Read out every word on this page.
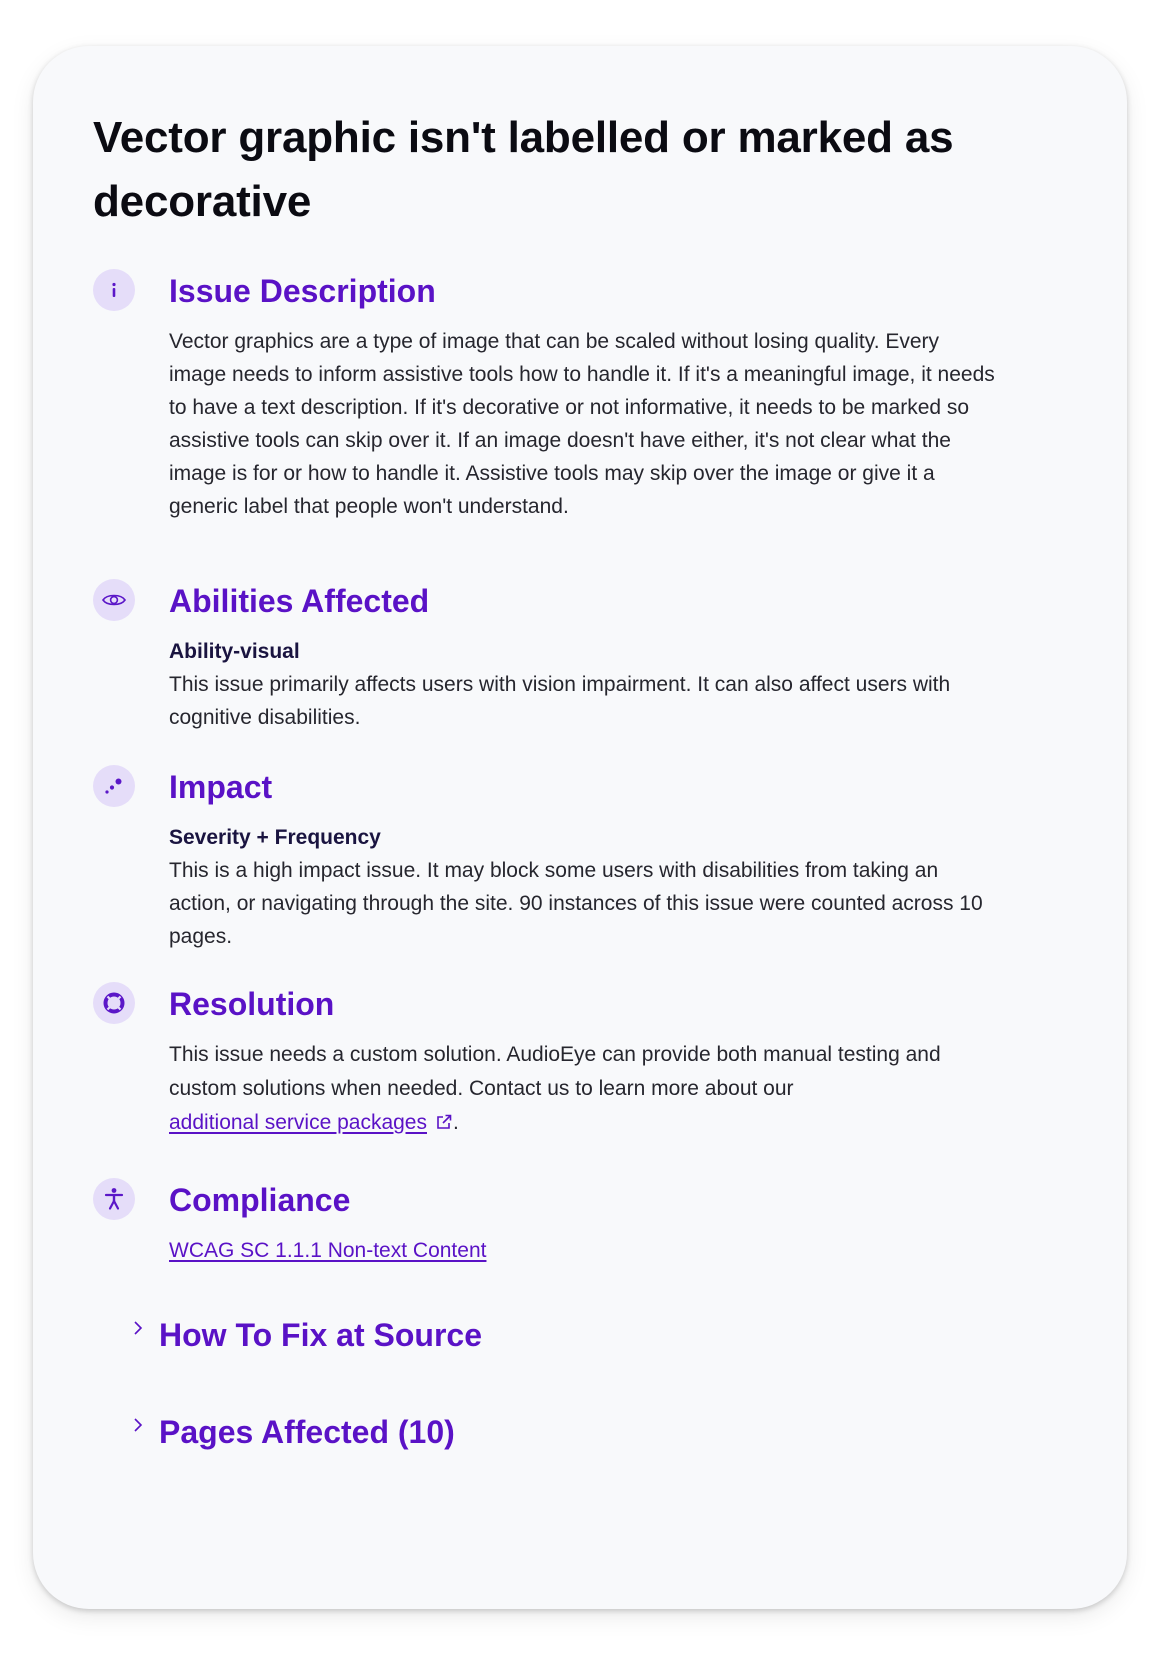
Vector graphic isn't labelled or marked as decorative
Issue Description

Vector graphics are a type of image that can be scaled without losing quality. Every image needs to inform assistive tools how to handle it. If it's a meaningful image, it needs to have a text description. If it's decorative or not informative, it needs to be marked so assistive tools can skip over it. If an image doesn't have either, it's not clear what the image is for or how to handle it. Assistive tools may skip over the image or give it a generic label that people won't understand.

Abilities Affected
Ability-visual
This issue primarily affects users with vision impairment. It can also affect users with cognitive disabilities.
Impact
Severity + Frequency
This is a high impact issue. It may block some users with disabilities from taking an action, or navigating through the site. 90 instances of this issue were counted across 10 pages.
Resolution
This issue needs a custom solution. AudioEye can provide both manual testing and custom solutions when needed. Contact us to learn more about our
additional service packages .
Compliance
WCAG SC 1.1.1 Non-text Content
How To Fix at Source
Pages Affected (10)
